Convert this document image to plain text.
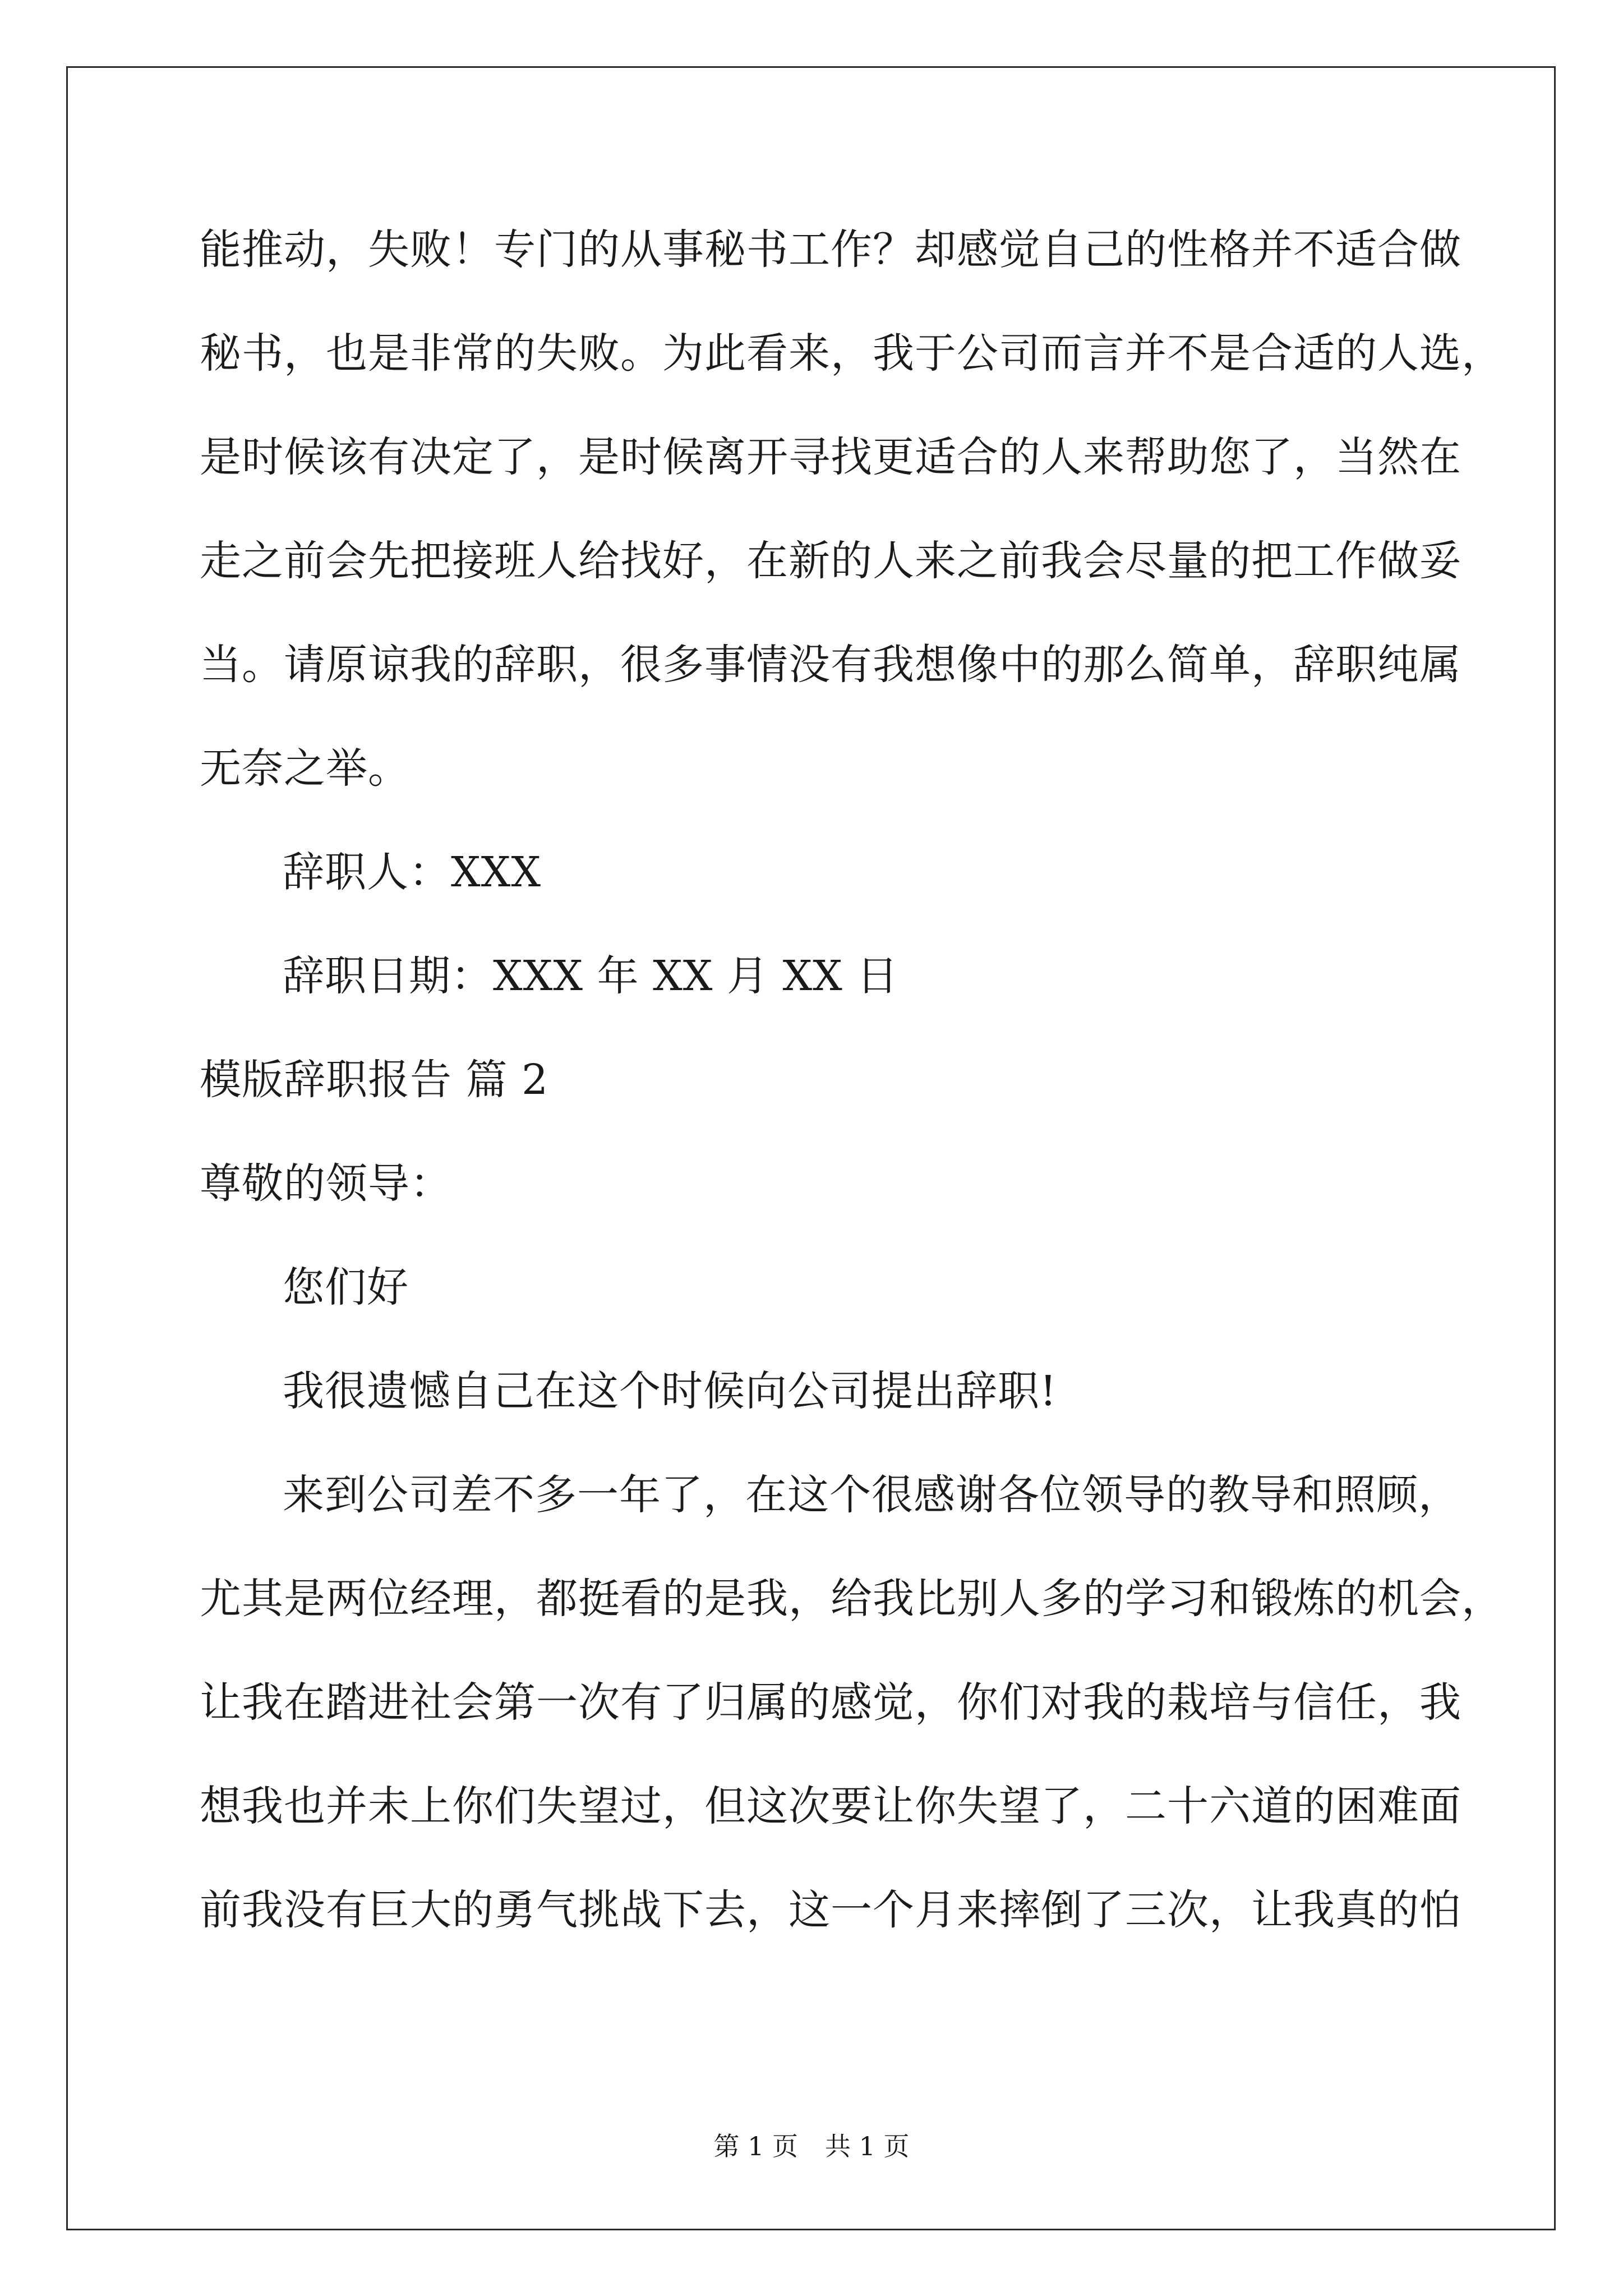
能推动，失败！专门的从事秘书工作？却感觉自己的性格并不适合做
秘书，也是非常的失败。为此看来，我于公司而言并不是合适的人选，
是时候该有决定了，是时候离开寻找更适合的人来帮助您了，当然在
走之前会先把接班人给找好，在新的人来之前我会尽量的把工作做妥
当。请原谅我的辞职，很多事情没有我想像中的那么简单，辞职纯属
无奈之举。
辞职人：XXX
辞职日期：XXX 年 XX 月 XX 日
模版辞职报告 篇 2
尊敬的领导：
您们好
我很遗憾自己在这个时候向公司提出辞职!
来到公司差不多一年了，在这个很感谢各位领导的教导和照顾，
尤其是两位经理，都挺看的是我，给我比别人多的学习和锻炼的机会，
让我在踏进社会第一次有了归属的感觉，你们对我的栽培与信任，我
想我也并未上你们失望过，但这次要让你失望了，二十六道的困难面
前我没有巨大的勇气挑战下去，这一个月来摔倒了三次，让我真的怕
第 1 页 共 1 页
